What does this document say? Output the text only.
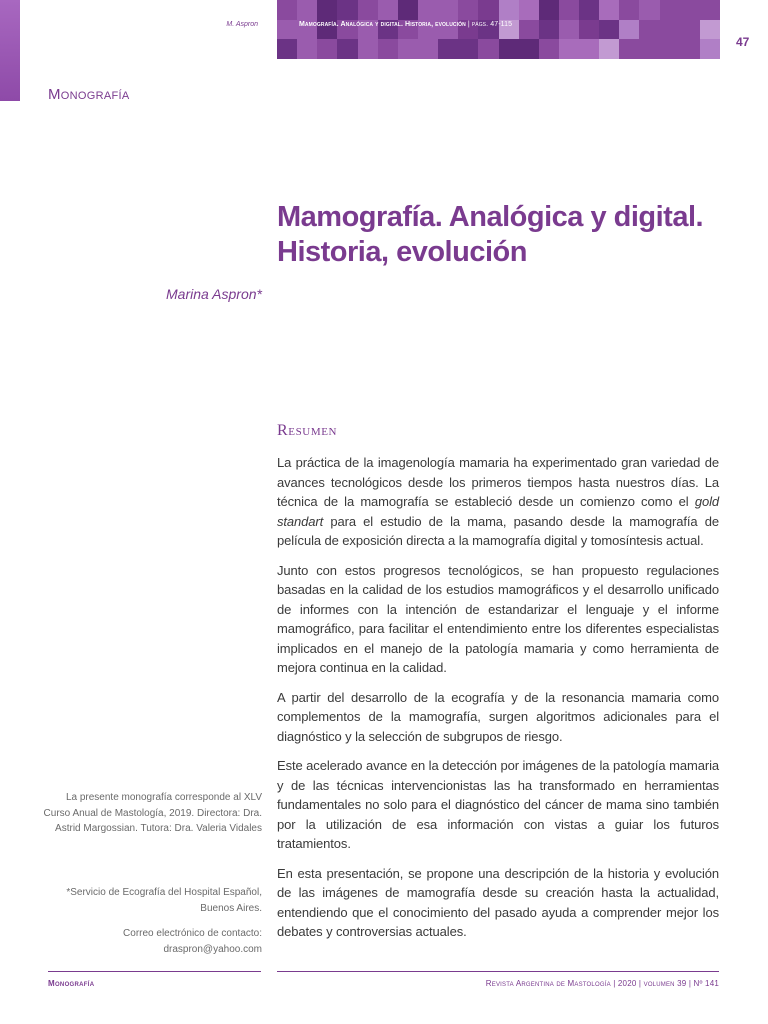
M. Aspron	Mamografía. Analógica y digital. Historia, evolución | págs. 47-115
47
Monografía
Mamografía. Analógica y digital.
Historia, evolución
Marina Aspron*
Resumen

La práctica de la imagenología mamaria ha experimentado gran variedad de avances tecnológicos desde los primeros tiempos hasta nuestros días. La técnica de la mamografía se estableció desde un comienzo como el gold standart para el estudio de la mama, pasando desde la mamografía de película de exposición directa a la mamografía digital y tomosíntesis actual.

Junto con estos progresos tecnológicos, se han propuesto regulaciones basadas en la calidad de los estudios mamográficos y el desarrollo unificado de informes con la intención de estandarizar el lenguaje y el informe mamográfico, para facilitar el entendimiento entre los diferentes especialistas implicados en el manejo de la patología mamaria y como herramienta de mejora continua en la calidad.

A partir del desarrollo de la ecografía y de la resonancia mamaria como complementos de la mamografía, surgen algoritmos adicionales para el diagnóstico y la selección de subgrupos de riesgo.

Este acelerado avance en la detección por imágenes de la patología mamaria y de las técnicas intervencionistas las ha transformado en herramientas fundamentales no solo para el diagnóstico del cáncer de mama sino también por la utilización de esa información con vistas a guiar los futuros tratamientos.

En esta presentación, se propone una descripción de la historia y evolución de las imágenes de mamografía desde su creación hasta la actualidad, entendiendo que el conocimiento del pasado ayuda a comprender mejor los debates y controversias actuales.

La presente monografía corresponde al XLV Curso Anual de Mastología, 2019. Directora: Dra. Astrid Margossian. Tutora: Dra. Valeria Vidales
*Servicio de Ecografía del Hospital Español, Buenos Aires.
Correo electrónico de contacto:
draspron@yahoo.com
Monografía	Revista Argentina de Mastología | 2020 | volumen 39 | Nº 141
